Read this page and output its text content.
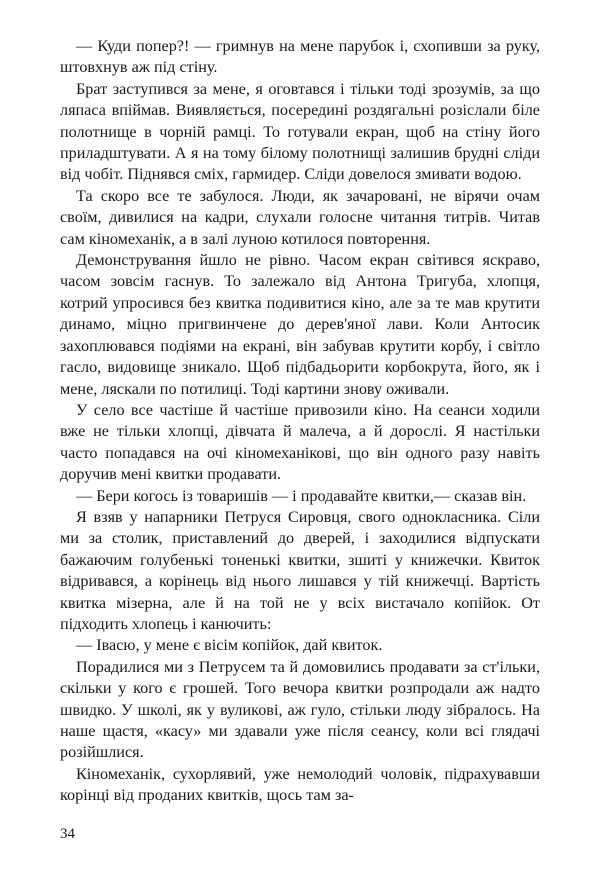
— Куди попер?! — гримнув на мене парубок і, схопивши за руку, штовхнув аж під стіну.

Брат заступився за мене, я оговтався і тільки тоді зрозумів, за що ляпаса впіймав. Виявляється, посередині роздягальні розіслали біле полотнище в чорній рамці. То готували екран, щоб на стіну його приладштувати. А я на тому білому полотнищі залишив брудні сліди від чобіт. Піднявся сміх, гармидер. Сліди довелося змивати водою.

Та скоро все те забулося. Люди, як зачаровані, не вірячи очам своїм, дивилися на кадри, слухали голосне читання титрів. Читав сам кіномеханік, а в залі луною котилося повторення.

Демонстрування йшло не рівно. Часом екран світився яскраво, часом зовсім гаснув. То залежало від Антона Тригуба, хлопця, котрий упросився без квитка подивитися кіно, але за те мав крутити динамо, міцно пригвинчене до дерев'яної лави. Коли Антосик захоплювався подіями на екрані, він забував крутити корбу, і світло гасло, видовище зникало. Щоб підбадьорити корбокрута, його, як і мене, ляскали по потилиці. Тоді картини знову оживали.

У село все частіше й частіше привозили кіно. На сеанси ходили вже не тільки хлопці, дівчата й малеча, а й дорослі. Я настільки часто попадався на очі кіномеханікові, що він одного разу навіть доручив мені квитки продавати.

— Бери когось із товаришів — і продавайте квитки,— сказав він.

Я взяв у напарники Петруся Сировця, свого однокласника. Сіли ми за столик, приставлений до дверей, і заходилися відпускати бажаючим голубенькі тоненькі квитки, зшиті у книжечки. Квиток відривався, а корінець від нього лишався у тій книжечці. Вартість квитка мізерна, але й на той не у всіх вистачало копійок. От підходить хлопець і канючить:

— Івасю, у мене є вісім копійок, дай квиток.

Порадилися ми з Петрусем та й домовились продавати за ст'ільки, скільки у кого є грошей. Того вечора квитки розпродали аж надто швидко. У школі, як у вуликові, аж гуло, стільки люду зібралось. На наше щастя, «касу» ми здавали уже після сеансу, коли всі глядачі розійшлися.

Кіномеханік, сухорлявий, уже немолодий чоловік, підрахувавши корінці від проданих квитків, щось там за-

34
